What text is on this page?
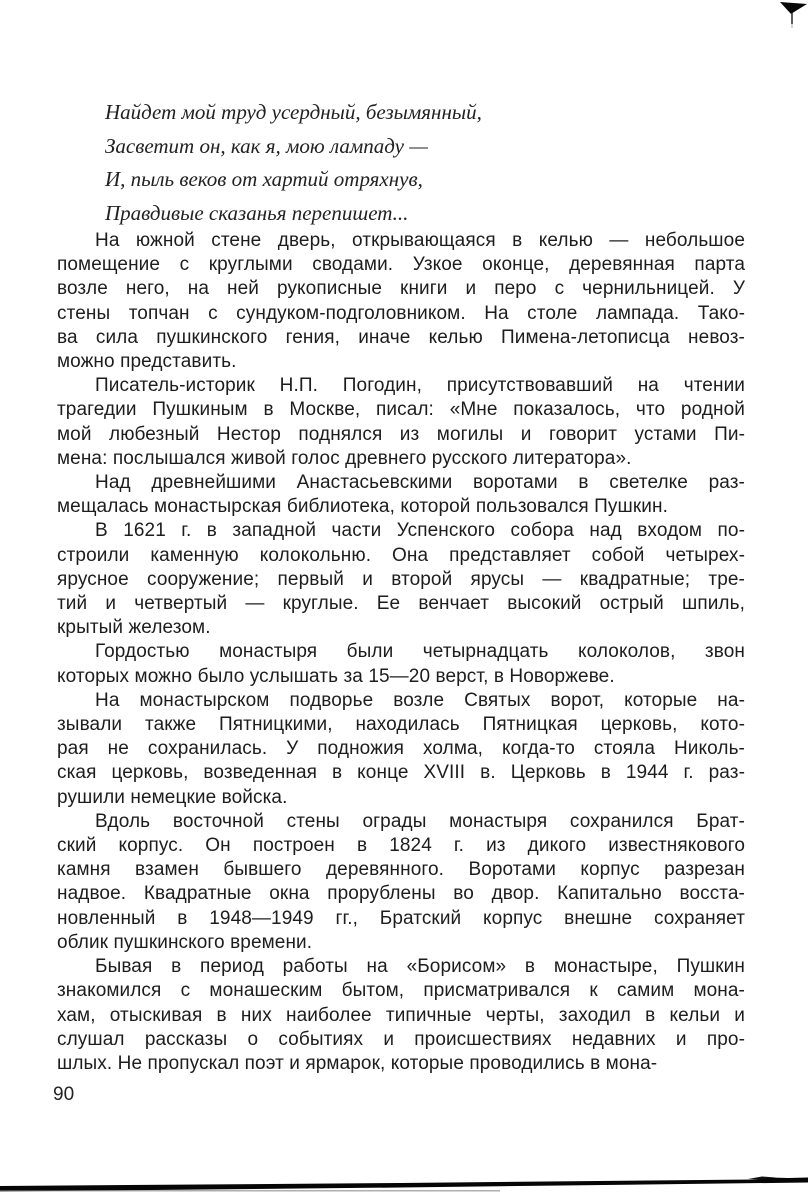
Найдет мой труд усердный, безымянный,
Засветит он, как я, мою лампаду —
И, пыль веков от хартий отряхнув,
Правдивые сказанья перепишет...
На южной стене дверь, открывающаяся в келью — небольшое
помещение с круглыми сводами. Узкое оконце, деревянная парта
возле него, на ней рукописные книги и перо с чернильницей. У
стены топчан с сундуком-подголовником. На столе лампада. Тако-
ва сила пушкинского гения, иначе келью Пимена-летописца невоз-
можно представить.
Писатель-историк Н.П. Погодин, присутствовавший на чтении
трагедии Пушкиным в Москве, писал: «Мне показалось, что родной
мой любезный Нестор поднялся из могилы и говорит устами Пи-
мена: послышался живой голос древнего русского литератора».
Над древнейшими Анастасьевскими воротами в светелке раз-
мещалась монастырская библиотека, которой пользовался Пушкин.
В 1621 г. в западной части Успенского собора над входом по-
строили каменную колокольню. Она представляет собой четырех-
ярусное сооружение; первый и второй ярусы — квадратные; тре-
тий и четвертый — круглые. Ее венчает высокий острый шпиль,
крытый железом.
Гордостью монастыря были четырнадцать колоколов, звон
которых можно было услышать за 15—20 верст, в Новоржеве.
На монастырском подворье возле Святых ворот, которые на-
зывали также Пятницкими, находилась Пятницкая церковь, кото-
рая не сохранилась. У подножия холма, когда-то стояла Николь-
ская церковь, возведенная в конце XVIII в. Церковь в 1944 г. раз-
рушили немецкие войска.
Вдоль восточной стены ограды монастыря сохранился Брат-
ский корпус. Он построен в 1824 г. из дикого известнякового
камня взамен бывшего деревянного. Воротами корпус разрезан
надвое. Квадратные окна прорублены во двор. Капитально восста-
новленный в 1948—1949 гг., Братский корпус внешне сохраняет
облик пушкинского времени.
Бывая в период работы на «Борисом» в монастыре, Пушкин
знакомился с монашеским бытом, присматривался к самим мона-
хам, отыскивая в них наиболее типичные черты, заходил в кельи и
слушал рассказы о событиях и происшествиях недавних и про-
шлых. Не пропускал поэт и ярмарок, которые проводились в мона-
90
